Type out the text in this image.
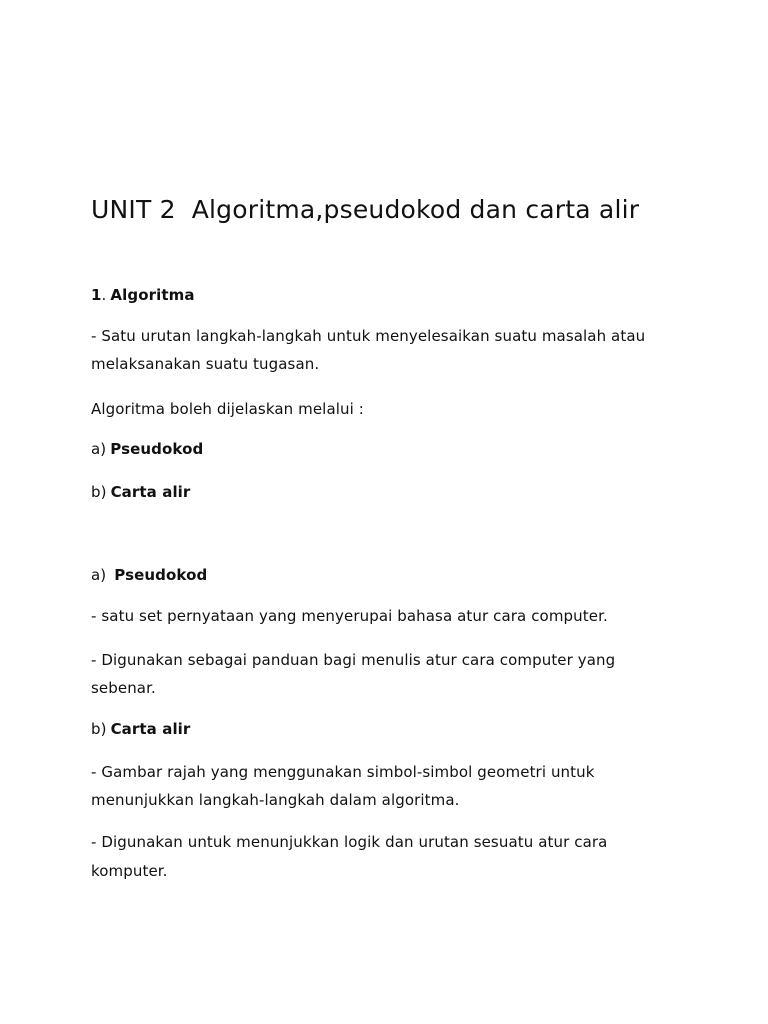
UNIT 2 Algoritma,pseudokod dan carta alir
1. Algoritma
- Satu urutan langkah-langkah untuk menyelesaikan suatu masalah atau
melaksanakan suatu tugasan.
Algoritma boleh dijelaskan melalui :
a) Pseudokod
b) Carta alir
a) Pseudokod
- satu set pernyataan yang menyerupai bahasa atur cara computer.
- Digunakan sebagai panduan bagi menulis atur cara computer yang
sebenar.
b) Carta alir
- Gambar rajah yang menggunakan simbol-simbol geometri untuk
menunjukkan langkah-langkah dalam algoritma.
- Digunakan untuk menunjukkan logik dan urutan sesuatu atur cara
komputer.
